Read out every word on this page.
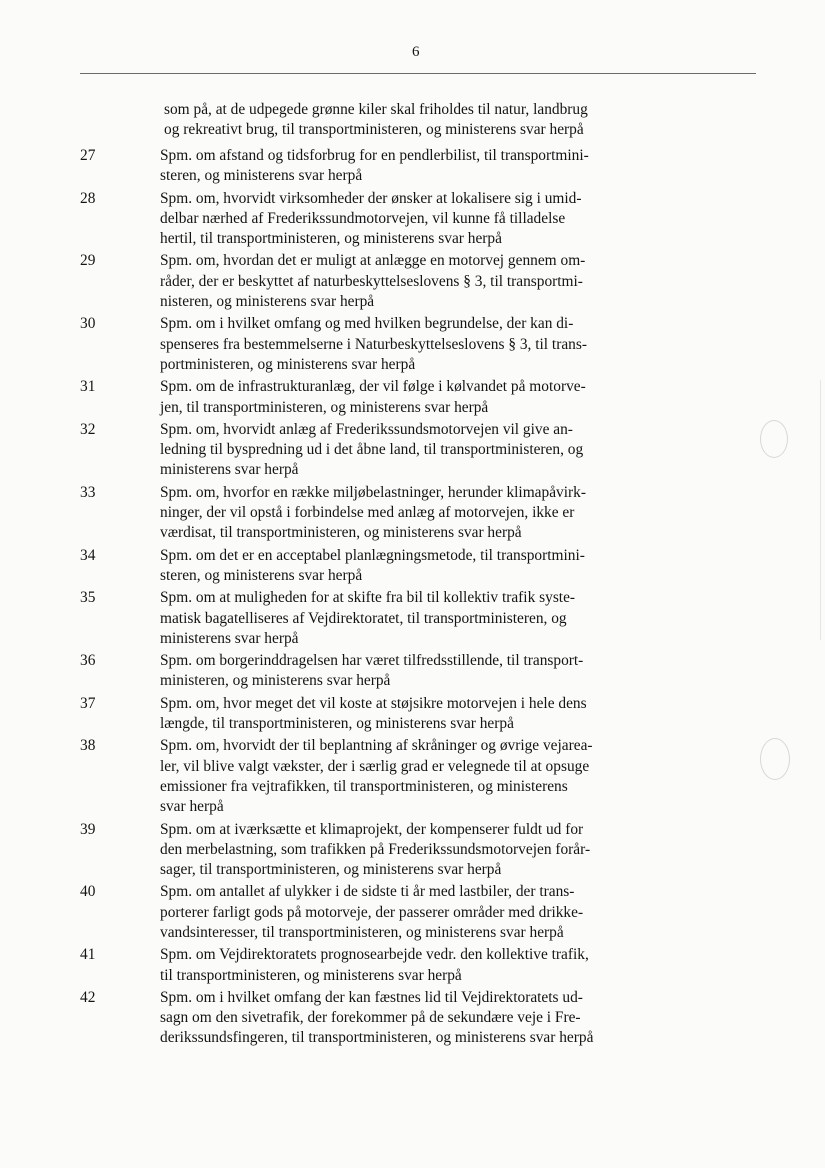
6
som på, at de udpegede grønne kiler skal friholdes til natur, landbrug
og rekreativt brug, til transportministeren, og ministerens svar herpå
27	Spm. om afstand og tidsforbrug for en pendlerbilist, til transportmini-
steren, og ministerens svar herpå
28	Spm. om, hvorvidt virksomheder der ønsker at lokalisere sig i umid-
delbar nærhed af Frederikssundmotorvejen, vil kunne få tilladelse
hertil, til transportministeren, og ministerens svar herpå
29	Spm. om, hvordan det er muligt at anlægge en motorvej gennem om-
råder, der er beskyttet af naturbeskyttelseslovens § 3, til transportmi-
nisteren, og ministerens svar herpå
30	Spm. om i hvilket omfang og med hvilken begrundelse, der kan di-
spenseres fra bestemmelserne i Naturbeskyttelseslovens § 3, til trans-
portministeren, og ministerens svar herpå
31	Spm. om de infrastrukturanlæg, der vil følge i kølvandet på motorve-
jen, til transportministeren, og ministerens svar herpå
32	Spm. om, hvorvidt anlæg af Frederikssundsmotorvejen vil give an-
ledning til byspredning ud i det åbne land, til transportministeren, og
ministerens svar herpå
33	Spm. om, hvorfor en række miljøbelastninger, herunder klimapåvirk-
ninger, der vil opstå i forbindelse med anlæg af motorvejen, ikke er
værdisat, til transportministeren, og ministerens svar herpå
34	Spm. om det er en acceptabel planlægningsmetode, til transportmini-
steren, og ministerens svar herpå
35	Spm. om at muligheden for at skifte fra bil til kollektiv trafik syste-
matisk bagatelliseres af Vejdirektoratet, til transportministeren, og
ministerens svar herpå
36	Spm. om borgerinddragelsen har været tilfredsstillende, til transport-
ministeren, og ministerens svar herpå
37	Spm. om, hvor meget det vil koste at støjsikre motorvejen i hele dens
længde, til transportministeren, og ministerens svar herpå
38	Spm. om, hvorvidt der til beplantning af skråninger og øvrige vejarea-
ler, vil blive valgt vækster, der i særlig grad er velegnede til at opsuge
emissioner fra vejtrafikken, til transportministeren, og ministerens
svar herpå
39	Spm. om at iværksætte et klimaprojekt, der kompenserer fuldt ud for
den merbelastning, som trafikken på Frederikssundsmotorvejen forår-
sager, til transportministeren, og ministerens svar herpå
40	Spm. om antallet af ulykker i de sidste ti år med lastbiler, der trans-
porterer farligt gods på motorveje, der passerer områder med drikke-
vandsinteresser, til transportministeren, og ministerens svar herpå
41	Spm. om Vejdirektoratets prognosearbejde vedr. den kollektive trafik,
til transportministeren, og ministerens svar herpå
42	Spm. om i hvilket omfang der kan fæstnes lid til Vejdirektoratets ud-
sagn om den sivetrafik, der forekommer på de sekundære veje i Fre-
derikssundsfingeren, til transportministeren, og ministerens svar herpå
